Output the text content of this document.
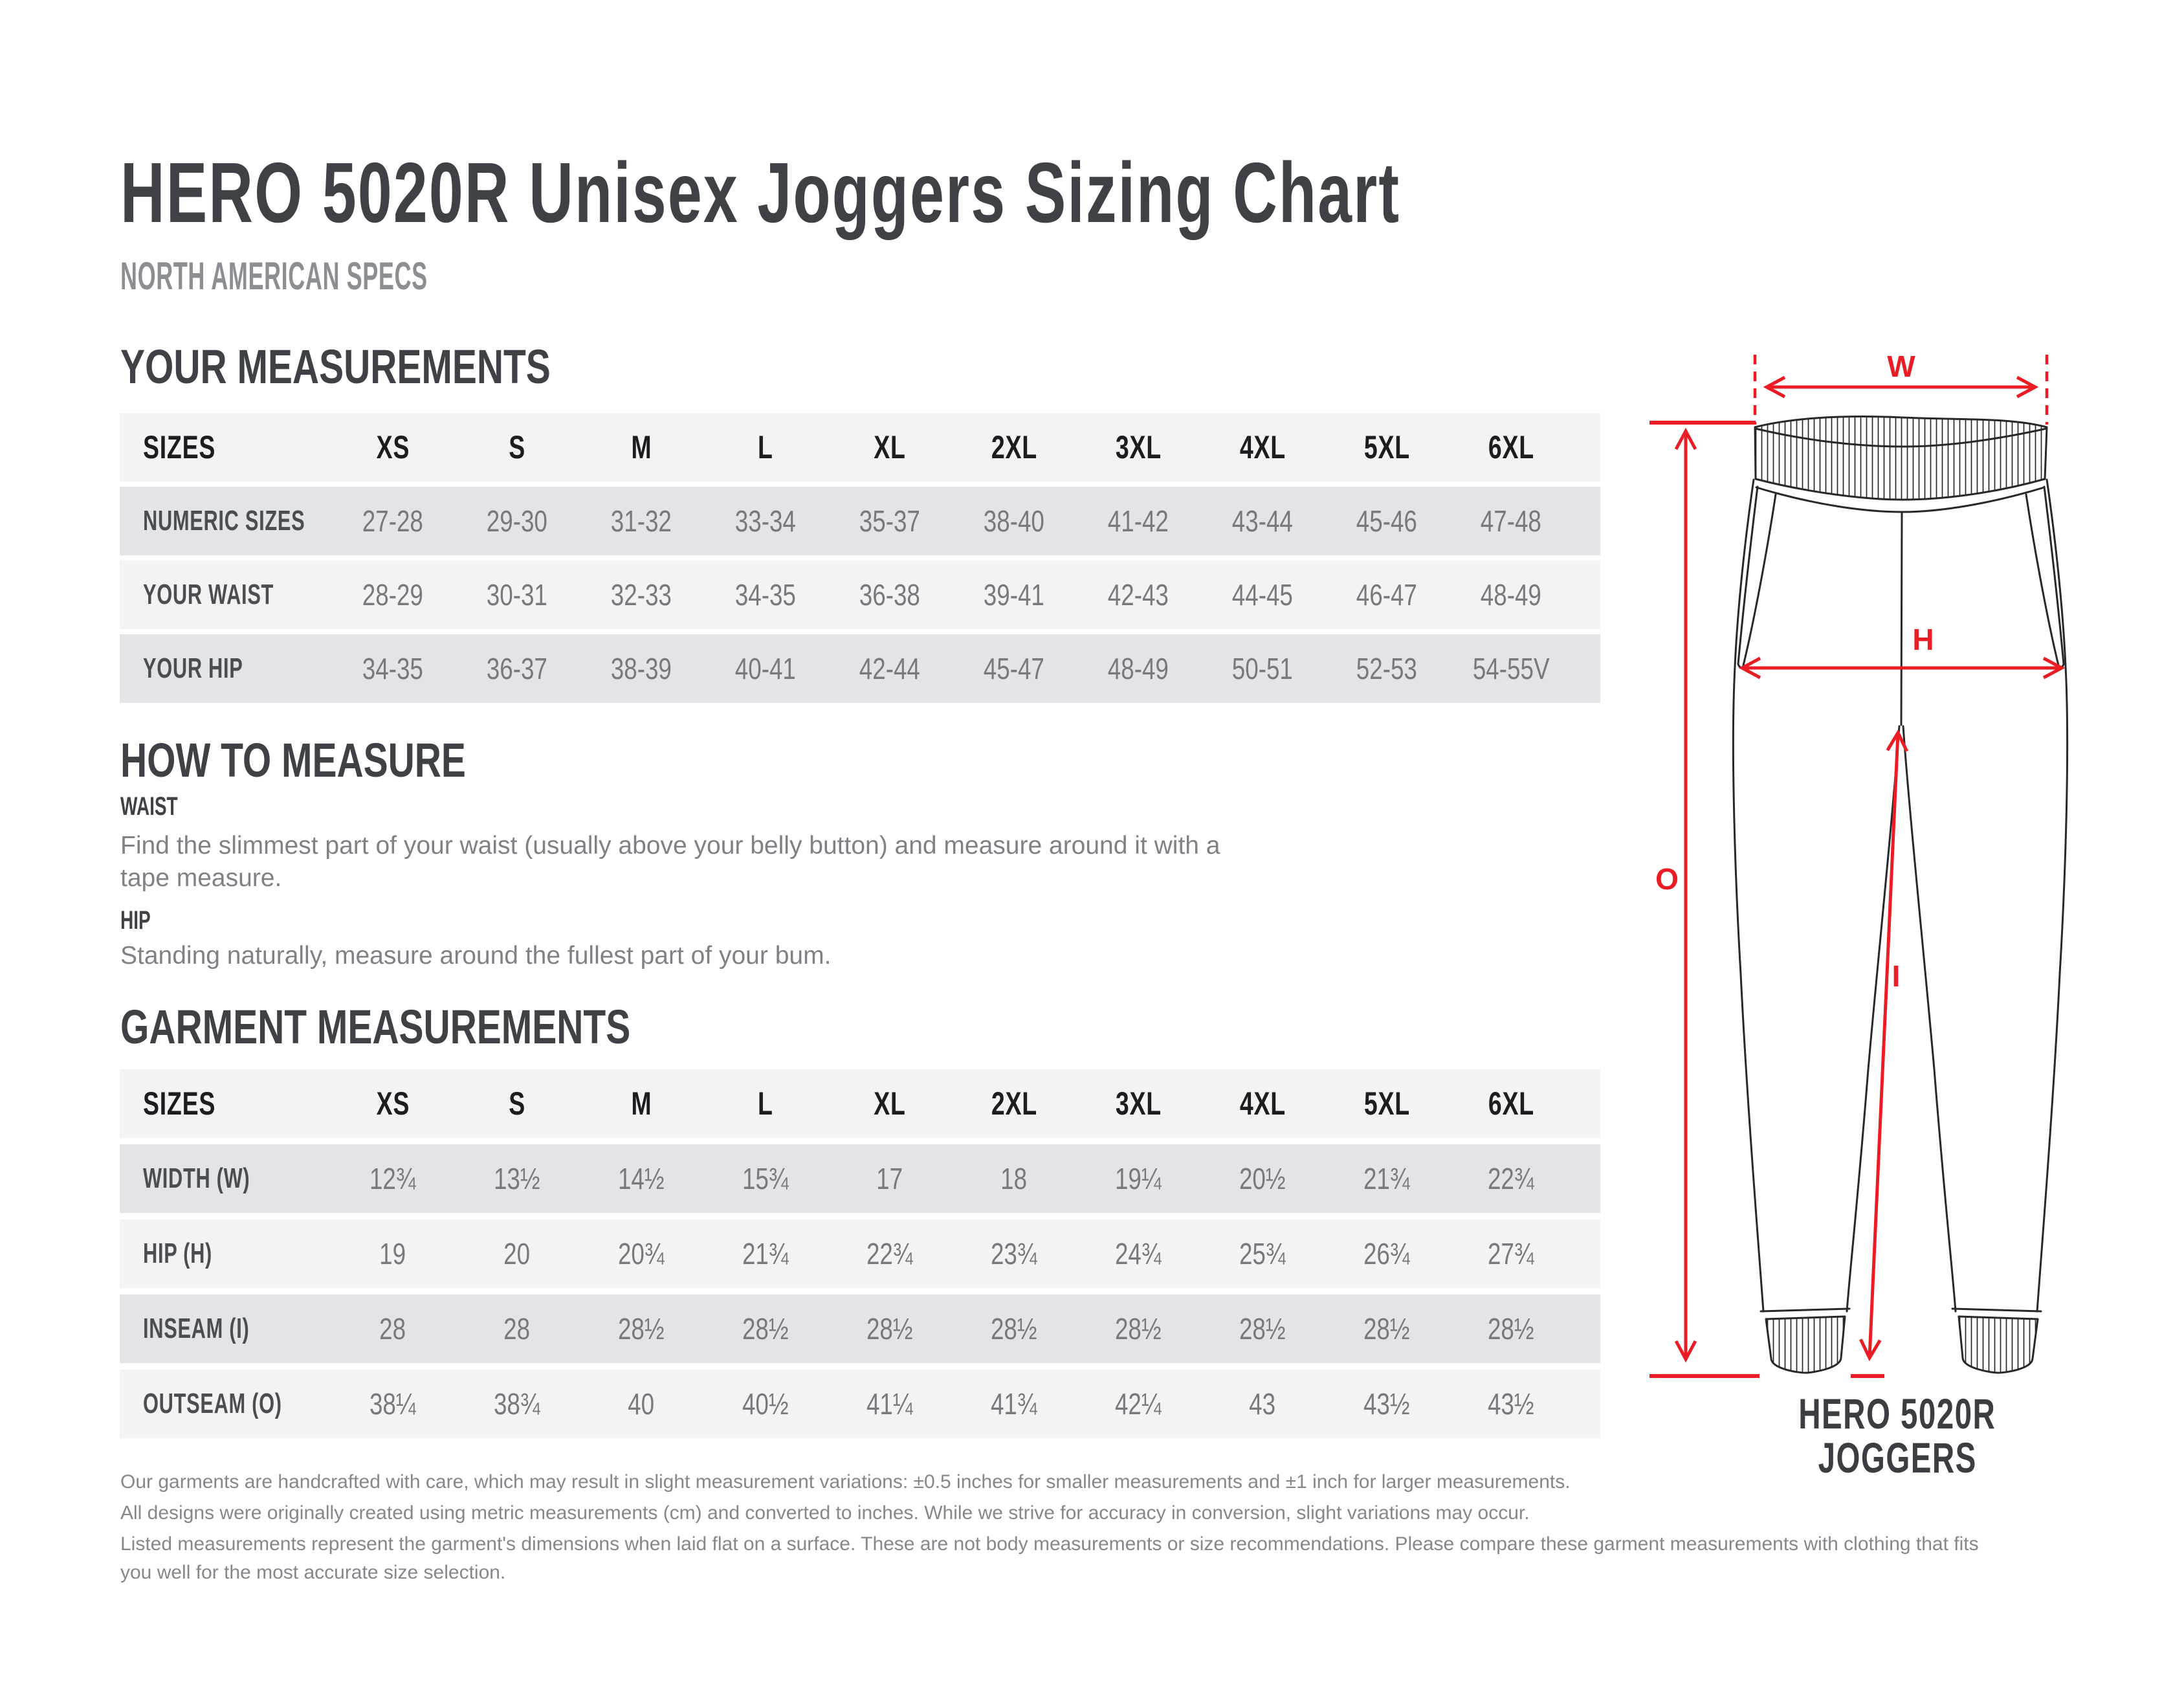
HERO 5020R Unisex Joggers Sizing Chart
NORTH AMERICAN SPECS
YOUR MEASUREMENTS
SIZES	XS	S	M	L	XL	2XL	3XL	4XL	5XL	6XL
NUMERIC SIZES	27-28	29-30	31-32	33-34	35-37	38-40	41-42	43-44	45-46	47-48
YOUR WAIST	28-29	30-31	32-33	34-35	36-38	39-41	42-43	44-45	46-47	48-49
YOUR HIP	34-35	36-37	38-39	40-41	42-44	45-47	48-49	50-51	52-53	54-55V
HOW TO MEASURE
WAIST
Find the slimmest part of your waist (usually above your belly button) and measure around it with a tape measure.
HIP
Standing naturally, measure around the fullest part of your bum.
GARMENT MEASUREMENTS
SIZES	XS	S	M	L	XL	2XL	3XL	4XL	5XL	6XL
WIDTH (W)	12¾	13½	14½	15¾	17	18	19¼	20½	21¾	22¾
HIP (H)	19	20	20¾	21¾	22¾	23¾	24¾	25¾	26¾	27¾
INSEAM (I)	28	28	28½	28½	28½	28½	28½	28½	28½	28½
OUTSEAM (O)	38¼	38¾	40	40½	41¼	41¾	42¼	43	43½	43½

Our garments are handcrafted with care, which may result in slight measurement variations: ±0.5 inches for smaller measurements and ±1 inch for larger measurements.

All designs were originally created using metric measurements (cm) and converted to inches. While we strive for accuracy in conversion, slight variations may occur.

Listed measurements represent the garment's dimensions when laid flat on a surface. These are not body measurements or size recommendations. Please compare these garment measurements with clothing that fits you well for the most accurate size selection.

W
O
H
I
HERO 5020R
JOGGERS
